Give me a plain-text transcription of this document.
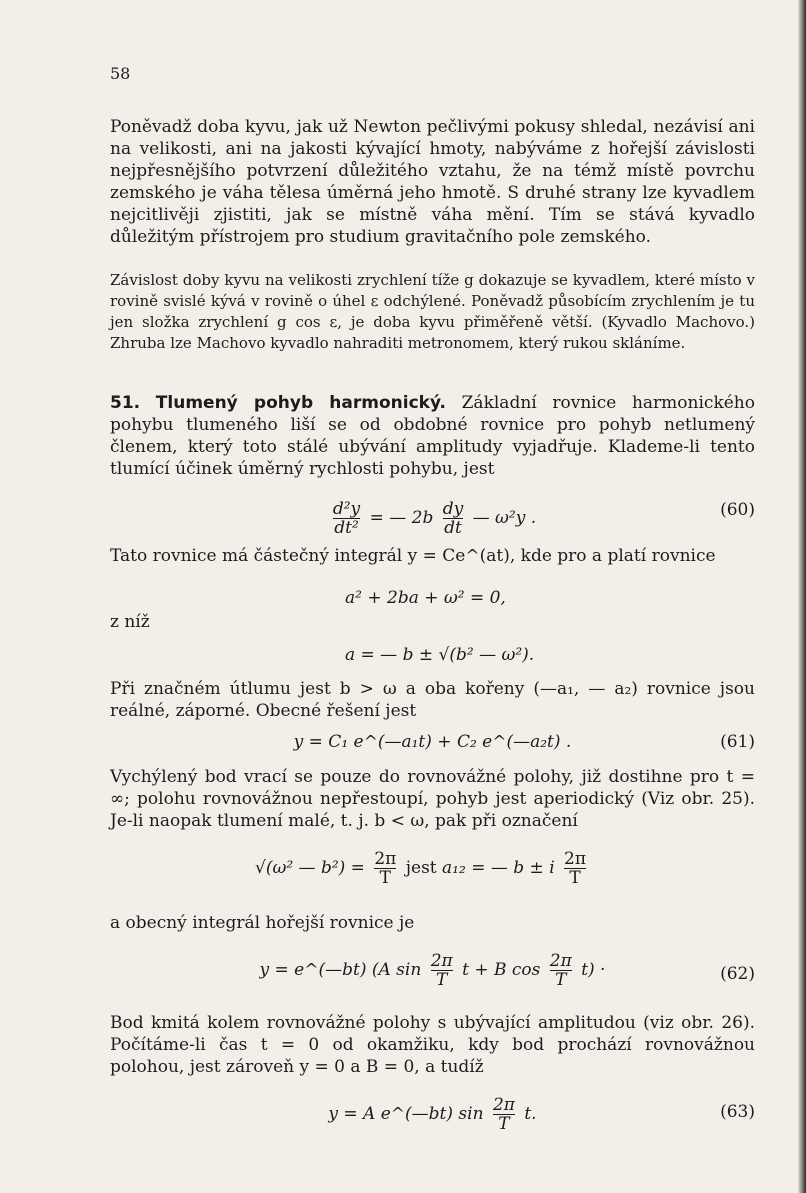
58

Poněvadž doba kyvu, jak už Newton pečlivými pokusy shledal, nezávisí ani na velikosti, ani na jakosti kývající hmoty, nabýváme z hořejší závislosti nejpřesnějšího potvrzení důležitého vztahu, že na témž místě povrchu zemského je váha tělesa úměrná jeho hmotě. S druhé strany lze kyvadlem nejcitlivěji zjistiti, jak se místně váha mění. Tím se stává kyvadlo důležitým přístrojem pro studium gravitačního pole zemského.

Závislost doby kyvu na velikosti zrychlení tíže g dokazuje se kyvadlem, které místo v rovině svislé kývá v rovině o úhel ε odchýlené. Poněvadž působícím zrychlením je tu jen složka zrychlení g cos ε, je doba kyvu přiměřeně větší. (Kyvadlo Machovo.) Zhruba lze Machovo kyvadlo nahraditi metronomem, který rukou skláníme.

51. Tlumený pohyb harmonický. Základní rovnice harmonického pohybu tlumeného liší se od obdobné rovnice pro pohyb netlumený členem, který toto stálé ubývání amplitudy vyjadřuje. Klademe-li tento tlumící účinek úměrný rychlosti pohybu, jest

$\frac{\text{d²y}}{\text{dt²}}$ = — $2b \frac{dy}{dt}$ — ω²y .	(60)

Tato rovnice má částečný integrál y = Ce^(at), kde pro a platí rovnice

a² + 2ba + ω² = 0,
z níž
a = — b ± √(b² — ω²).

Při značném útlumu jest b > ω a oba kořeny (—a₁, — a₂) rovnice jsou reálné, záporné. Obecné řešení jest

y = C₁ e^(—a₁t) + C₂ e^(—a₂t) .	(61)

Vychýlený bod vrací se pouze do rovnovážné polohy, již dostihne pro t = ∞; polohu rovnovážnou nepřestoupí, pohyb jest aperiodický (Viz obr. 25). Je-li naopak tlumení malé, t. j. b < ω, pak při označení

√(ω² — $b^2) = \frac{2\pi}{T}$ jest a₁₂ = — b ± i $\frac{2\pi}{T}$

a obecný integrál hořejší rovnice je

y = e^(—bt) (A $\sin \frac{2\pi}{T}$ t + B $\cos \frac{2\pi}{T} t$) ·	(62)

Bod kmitá kolem rovnovážné polohy s ubývající amplitudou (viz obr. 26). Počítáme-li čas t = 0 od okamžiku, kdy bod prochází rovnovážnou polohou, jest zároveň y = 0 a B = 0, a tudíž

y = A e^(—bt) $\sin \frac{2\pi}{T} t$.	(63)
